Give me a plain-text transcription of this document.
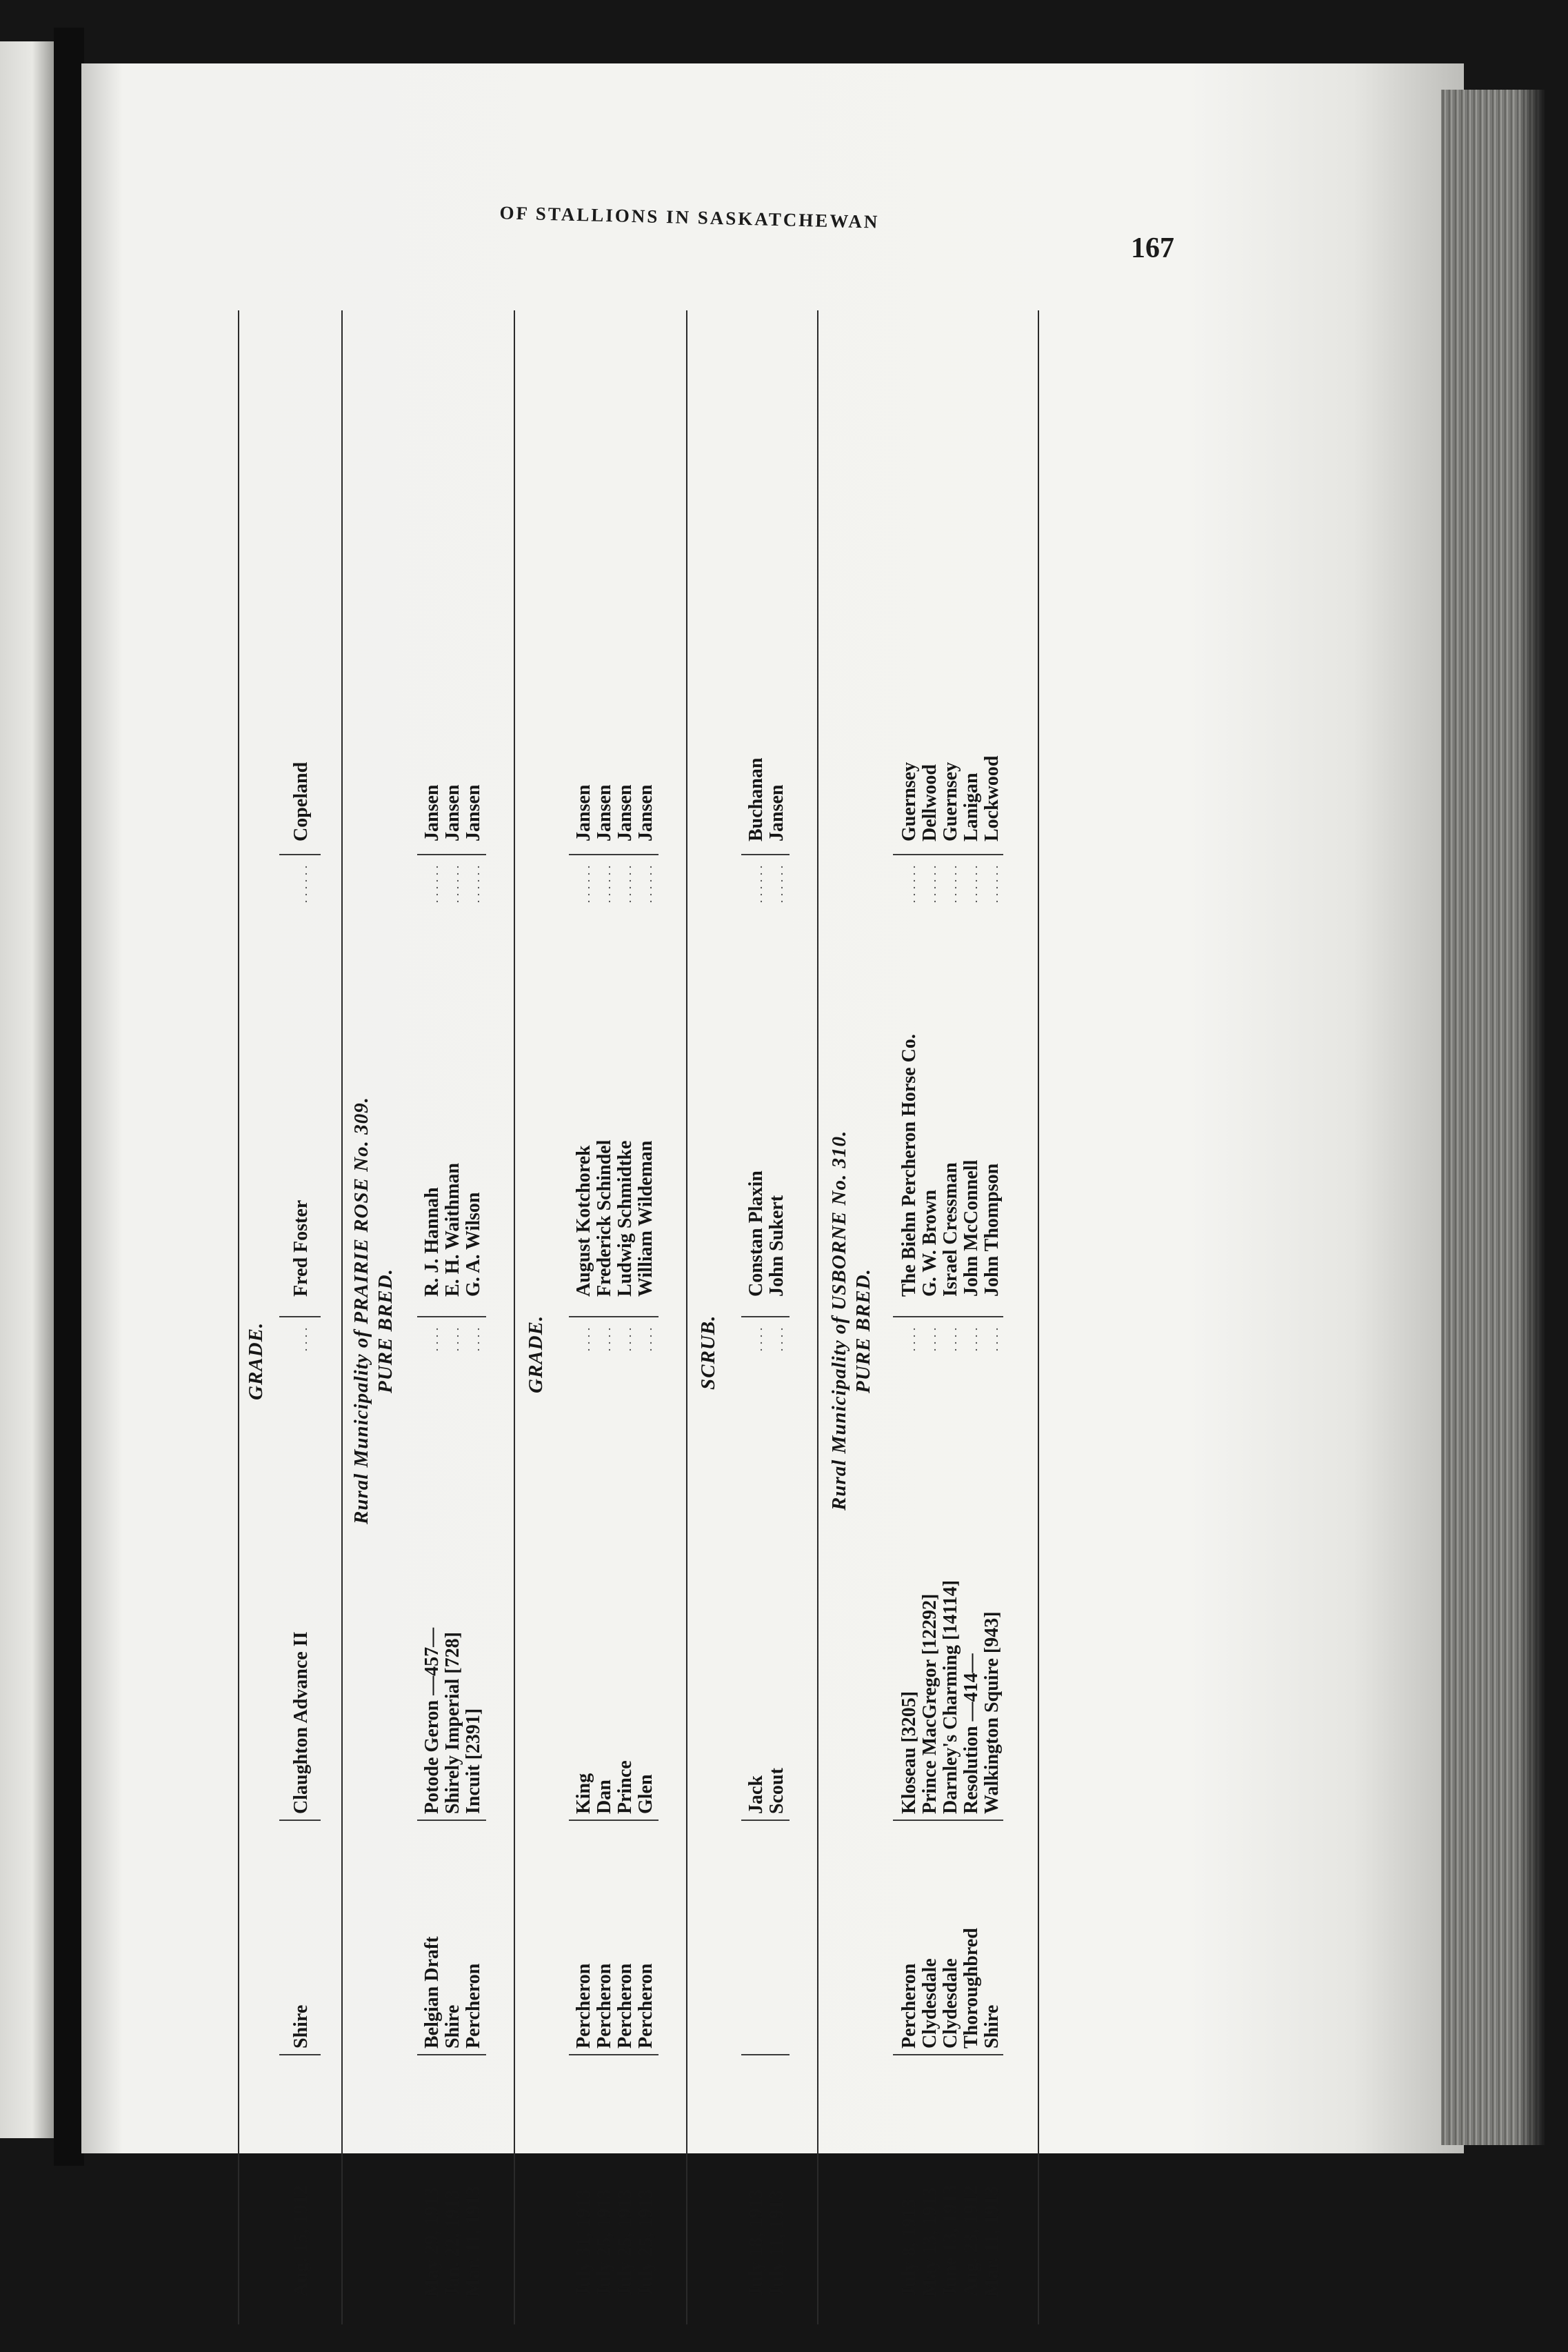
OF STALLIONS IN SASKATCHEWAN
167
GRADE.
Aug. 15, 1912
Shire
Claughton Advance II
Fred Foster
Copeland
Rural Municipality of PRAIRIE ROSE No. 309. PURE BRED.
May 29, 1913
Belgian Draft
Potode Geron —457—
R. J. Hannah
Jansen
Jan. 22, 1913
Shire
Shirely Imperial [728]
E. H. Waithman
Jansen
Mar. 11, 1913
Percheron
Incuit [2391]
G. A. Wilson
Jansen
GRADE.
July 31, 1913
Percheron
King
August Kotchorek
Jansen
July 25, 1913
Percheron
Dan
Frederick Schindel
Jansen
July 25, 1913
Percheron
Prince
Ludwig Schmidtke
Jansen
July 25, 1913
Percheron
Glen
William Wildeman
Jansen
SCRUB.
July 18, 1913
Jack
Constan Plaxin
Buchanan
July 11, 1913
Scout
John Sukert
Jansen
Rural Municipality of USBORNE No. 310. PURE BRED.
July 8, 1913
Percheron
Kloseau [3205]
The Biehn Percheron Horse Co.
Guernsey
May 13, 1913
Clydesdale
Prince MacGregor [12292]
G. W. Brown
Dellwood
June 13, 1913
Clydesdale
Darnley's Charming [14114]
Israel Cressman
Guernsey
Aug. 23, 1912
Thoroughbred
Resolution —414—
John McConnell
Lanigan
Mar. 11, 1913
Shire
Walkington Squire [943]
John Thompson
Lockwood
